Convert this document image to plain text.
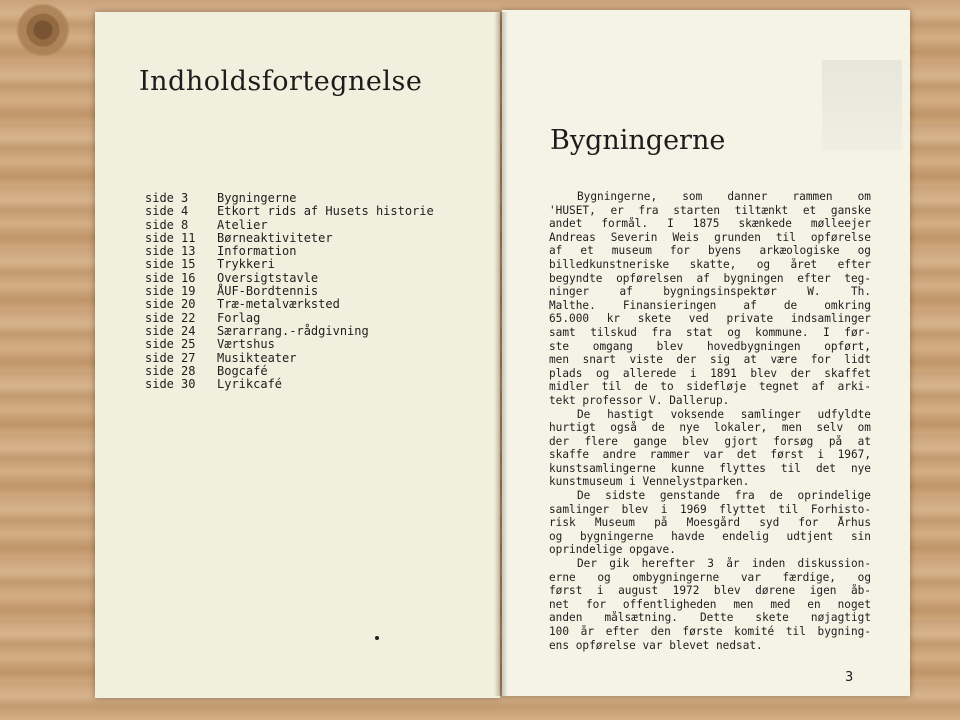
Indholdsfortegnelse
side 3 Bygningerne
side 4 Etkort rids af Husets historie
side 8 Atelier
side 11 Børneaktiviteter
side 13 Information
side 15 Trykkeri
side 16 Oversigtstavle
side 19 ÅUF-Bordtennis
side 20 Træ-metalværksted
side 22 Forlag
side 24 Særarrang.-rådgivning
side 25 Værtshus
side 27 Musikteater
side 28 Bogcafé
side 30 Lyrikcafé
Bygningerne
Bygningerne, som danner rammen om
'HUSET, er fra starten tiltænkt et ganske
andet formål. I 1875 skænkede mølleejer
Andreas Severin Weis grunden til opførelse
af et museum for byens arkæologiske og
billedkunstneriske skatte, og året efter
begyndte opførelsen af bygningen efter teg-
ninger af bygningsinspektør W. Th.
Malthe. Finansieringen af de omkring
65.000 kr skete ved private indsamlinger
samt tilskud fra stat og kommune. I før-
ste omgang blev hovedbygningen opført,
men snart viste der sig at være for lidt
plads og allerede i 1891 blev der skaffet
midler til de to sidefløje tegnet af arki-
tekt professor V. Dallerup.
De hastigt voksende samlinger udfyldte
hurtigt også de nye lokaler, men selv om
der flere gange blev gjort forsøg på at
skaffe andre rammer var det først i 1967,
kunstsamlingerne kunne flyttes til det nye
kunstmuseum i Vennelystparken.
De sidste genstande fra de oprindelige
samlinger blev i 1969 flyttet til Forhisto-
risk Museum på Moesgård syd for Århus
og bygningerne havde endelig udtjent sin
oprindelige opgave.
Der gik herefter 3 år inden diskussion-
erne og ombygningerne var færdige, og
først i august 1972 blev dørene igen åb-
net for offentligheden men med en noget
anden målsætning. Dette skete nøjagtigt
100 år efter den første komité til bygning-
ens opførelse var blevet nedsat.
3
